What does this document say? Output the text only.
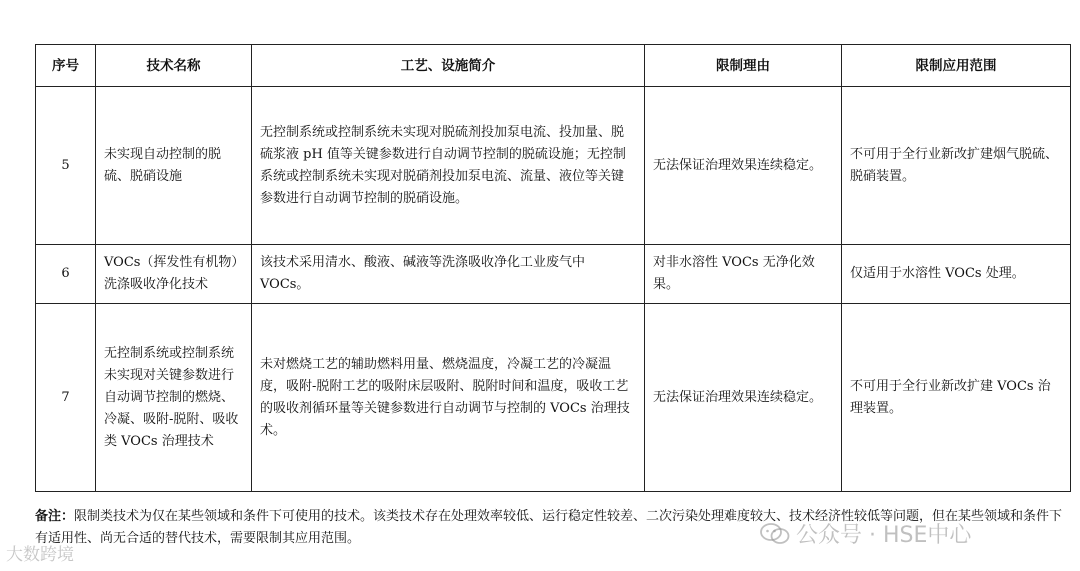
序号	技术名称	工艺、设施简介	限制理由	限制应用范围
5	未实现自动控制的脱硫、脱硝设施	无控制系统或控制系统未实现对脱硫剂投加泵电流、投加量、脱硫浆液 pH 值等关键参数进行自动调节控制的脱硫设施；无控制系统或控制系统未实现对脱硝剂投加泵电流、流量、液位等关键参数进行自动调节控制的脱硝设施。	无法保证治理效果连续稳定。	不可用于全行业新改扩建烟气脱硫、脱硝装置。
6	VOCs（挥发性有机物）洗涤吸收净化技术	该技术采用清水、酸液、碱液等洗涤吸收净化工业废气中 VOCs。	对非水溶性 VOCs 无净化效果。	仅适用于水溶性 VOCs 处理。
7	无控制系统或控制系统未实现对关键参数进行自动调节控制的燃烧、冷凝、吸附-脱附、吸收类 VOCs 治理技术	未对燃烧工艺的辅助燃料用量、燃烧温度，冷凝工艺的冷凝温度，吸附-脱附工艺的吸附床层吸附、脱附时间和温度，吸收工艺的吸收剂循环量等关键参数进行自动调节与控制的 VOCs 治理技术。	无法保证治理效果连续稳定。	不可用于全行业新改扩建 VOCs 治理装置。
备注：限制类技术为仅在某些领域和条件下可使用的技术。该类技术存在处理效率较低、运行稳定性较差、二次污染处理难度较大、技术经济性较低等问题，但在某些领域和条件下有适用性、尚无合适的替代技术，需要限制其应用范围。
大数跨境
公众号 · HSE中心
